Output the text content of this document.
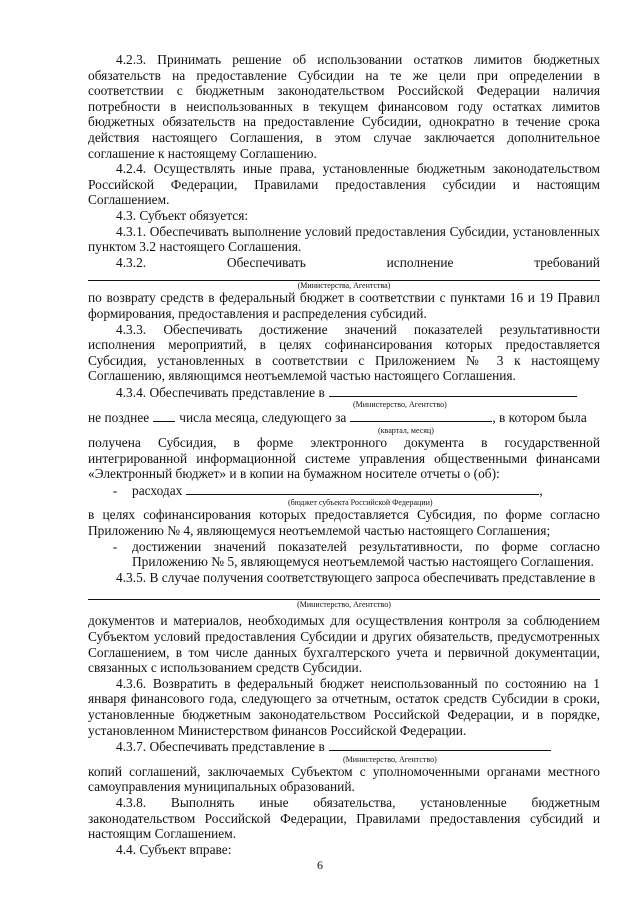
4.2.3. Принимать решение об использовании остатков лимитов бюджетных обязательств на предоставление Субсидии на те же цели при определении в соответствии с бюджетным законодательством Российской Федерации наличия потребности в неиспользованных в текущем финансовом году остатках лимитов бюджетных обязательств на предоставление Субсидии, однократно в течение срока действия настоящего Соглашения, в этом случае заключается дополнительное соглашение к настоящему Соглашению.

4.2.4. Осуществлять иные права, установленные бюджетным законодательством Российской Федерации, Правилами предоставления субсидии и настоящим Соглашением.

4.3. Субъект обязуется:

4.3.1. Обеспечивать выполнение условий предоставления Субсидии, установленных пунктом 3.2 настоящего Соглашения.

4.3.2.	Обеспечивать	исполнение	требований
(Министерства, Агентства)

по возврату средств в федеральный бюджет в соответствии с пунктами 16 и 19 Правил формирования, предоставления и распределения субсидий.

4.3.3. Обеспечивать достижение значений показателей результативности исполнения мероприятий, в целях софинансирования которых предоставляется Субсидия, установленных в соответствии с Приложением № 3 к настоящему Соглашению, являющимся неотъемлемой частью настоящего Соглашения.

4.3.4. Обеспечивать представление в
(Министерство, Агентство)
не позднее числа месяца, следующего за	, в котором была
(квартал, месяц)

получена Субсидия, в форме электронного документа в государственной интегрированной информационной системе управления общественными финансами «Электронный бюджет» и в копии на бумажном носителе отчеты о (об):

-	расходах	,
(бюджет субъекта Российской Федерации)

в целях софинансирования которых предоставляется Субсидия, по форме согласно Приложению № 4, являющемуся неотъемлемой частью настоящего Соглашения;

-	достижении значений показателей результативности, по форме согласно Приложению № 5, являющемуся неотъемлемой частью настоящего Соглашения.

4.3.5. В случае получения соответствующего запроса обеспечивать представление в

(Министерство, Агентство)

документов и материалов, необходимых для осуществления контроля за соблюдением Субъектом условий предоставления Субсидии и других обязательств, предусмотренных Соглашением, в том числе данных бухгалтерского учета и первичной документации, связанных с использованием средств Субсидии.

4.3.6. Возвратить в федеральный бюджет неиспользованный по состоянию на 1 января финансового года, следующего за отчетным, остаток средств Субсидии в сроки, установленные бюджетным законодательством Российской Федерации, и в порядке, установленном Министерством финансов Российской Федерации.

4.3.7. Обеспечивать представление в
(Министерство, Агентство)

копий соглашений, заключаемых Субъектом с уполномоченными органами местного самоуправления муниципальных образований.

4.3.8. Выполнять иные обязательства, установленные бюджетным законодательством Российской Федерации, Правилами предоставления субсидий и настоящим Соглашением.

4.4. Субъект вправе:

6
